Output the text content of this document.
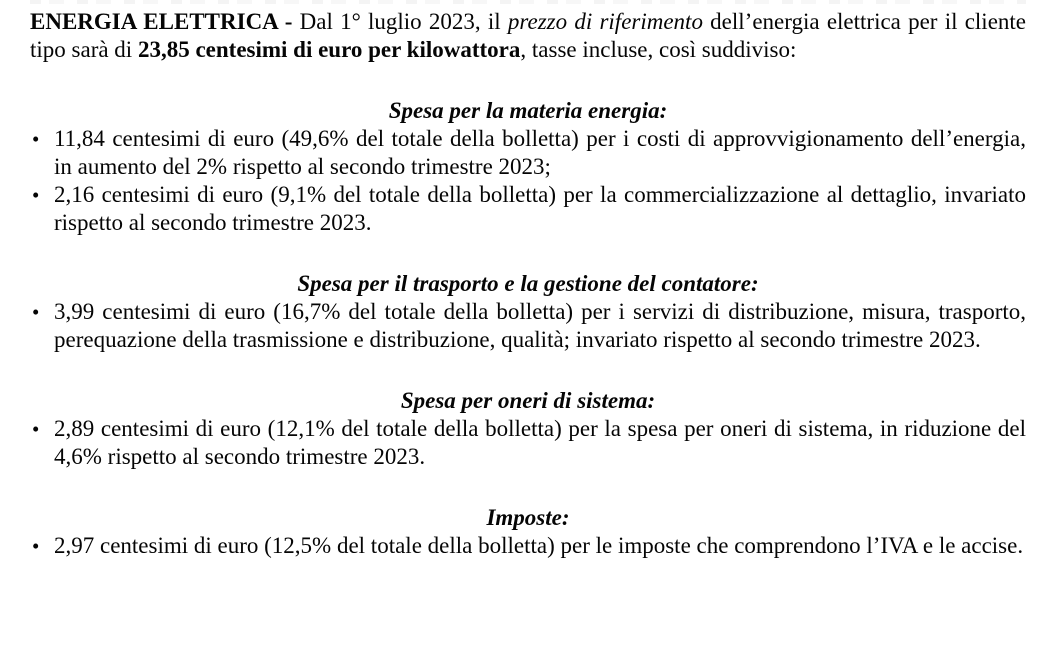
ENERGIA ELETTRICA - Dal 1° luglio 2023, il prezzo di riferimento dell’energia elettrica per il cliente tipo sarà di 23,85 centesimi di euro per kilowattora, tasse incluse, così suddiviso:

Spesa per la materia energia:
• 11,84 centesimi di euro (49,6% del totale della bolletta) per i costi di approvvigionamento dell’energia, in aumento del 2% rispetto al secondo trimestre 2023;
• 2,16 centesimi di euro (9,1% del totale della bolletta) per la commercializzazione al dettaglio, invariato rispetto al secondo trimestre 2023.
Spesa per il trasporto e la gestione del contatore:
• 3,99 centesimi di euro (16,7% del totale della bolletta) per i servizi di distribuzione, misura, trasporto, perequazione della trasmissione e distribuzione, qualità; invariato rispetto al secondo trimestre 2023.
Spesa per oneri di sistema:
• 2,89 centesimi di euro (12,1% del totale della bolletta) per la spesa per oneri di sistema, in riduzione del 4,6% rispetto al secondo trimestre 2023.
Imposte:
• 2,97 centesimi di euro (12,5% del totale della bolletta) per le imposte che comprendono l’IVA e le accise.
